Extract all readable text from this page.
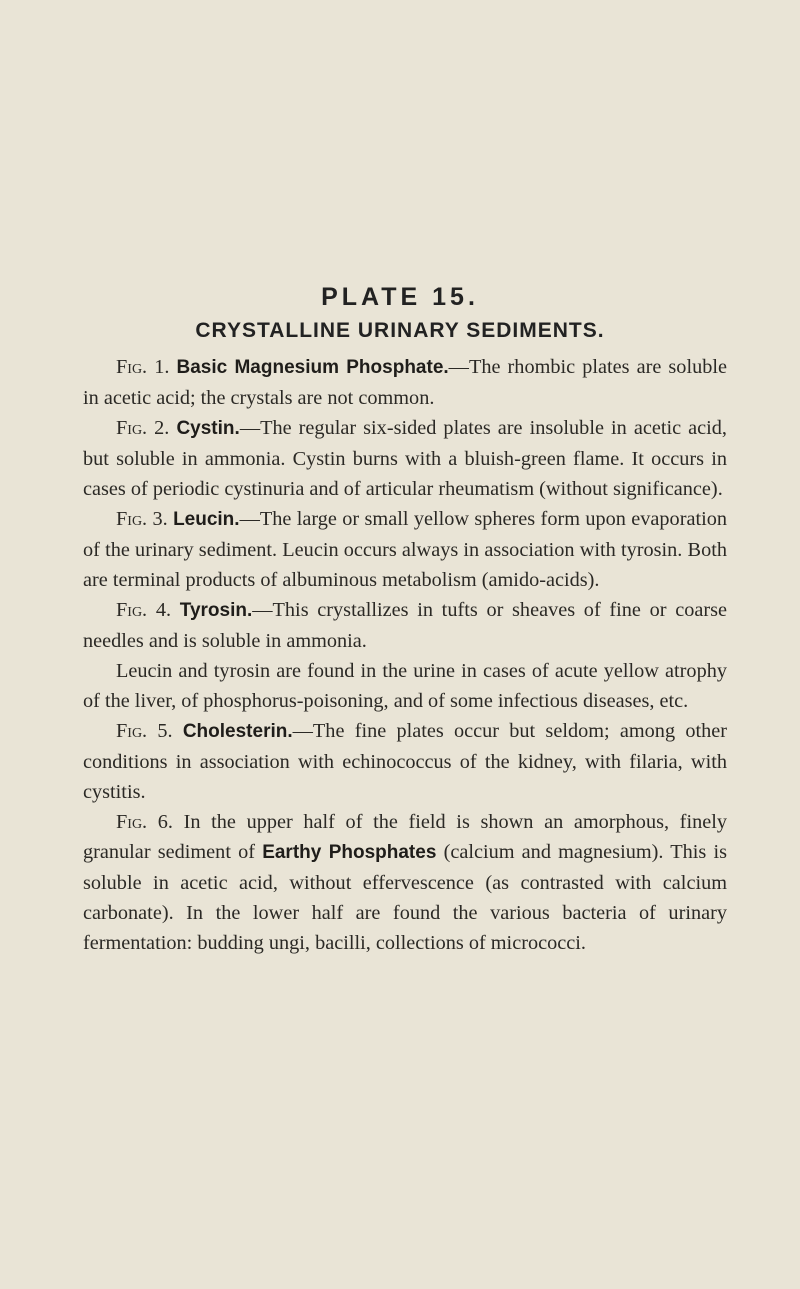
PLATE 15.
CRYSTALLINE URINARY SEDIMENTS.

Fig. 1. Basic Magnesium Phosphate.—The rhombic plates are soluble in acetic acid; the crystals are not common.

Fig. 2. Cystin.—The regular six-sided plates are insoluble in acetic acid, but soluble in ammonia. Cystin burns with a bluish-green flame. It occurs in cases of periodic cystinuria and of articular rheumatism (without significance).

Fig. 3. Leucin.—The large or small yellow spheres form upon evaporation of the urinary sediment. Leucin occurs always in association with tyrosin. Both are terminal products of albuminous metabolism (amido-acids).

Fig. 4. Tyrosin.—This crystallizes in tufts or sheaves of fine or coarse needles and is soluble in ammonia.

Leucin and tyrosin are found in the urine in cases of acute yellow atrophy of the liver, of phosphorus-poisoning, and of some infectious diseases, etc.

Fig. 5. Cholesterin.—The fine plates occur but seldom; among other conditions in association with echinococcus of the kidney, with filaria, with cystitis.

Fig. 6. In the upper half of the field is shown an amorphous, finely granular sediment of Earthy Phosphates (calcium and magnesium). This is soluble in acetic acid, without effervescence (as contrasted with calcium carbonate). In the lower half are found the various bacteria of urinary fermentation: budding ungi, bacilli, collections of micrococci.
